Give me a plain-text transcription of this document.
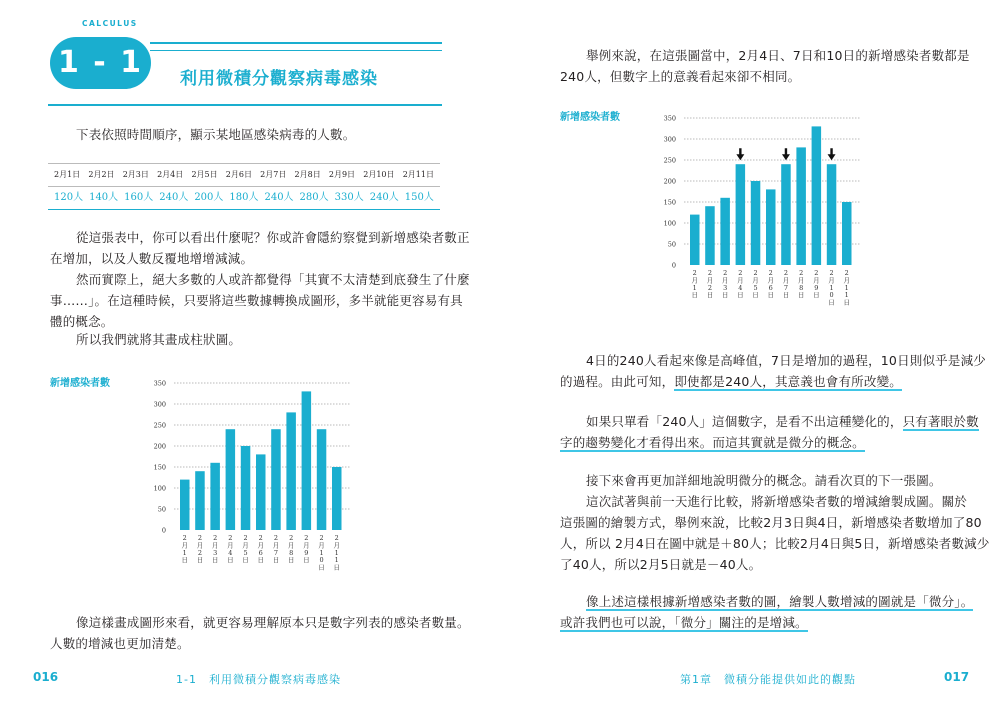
CALCULUS
1 - 1	利用微積分觀察病毒感染
下表依照時間順序，顯示某地區感染病毒的人數。
2月1日 2月2日 2月3日 2月4日 2月5日 2月6日 2月7日 2月8日 2月9日 2月10日 2月11日
120人 140人 160人 240人 200人 180人 240人 280人 330人 240人 150人
從這張表中，你可以看出什麼呢？你或許會隱約察覺到新增感染者數正
在增加，以及人數反覆地增增減減。
然而實際上，絕大多數的人或許都覺得「其實不太清楚到底發生了什麼
事……」。在這種時候，只要將這些數據轉換成圖形，多半就能更容易有具
體的概念。
所以我們就將其畫成柱狀圖。
新增感染者數
0
50
100
150
200
250
300
350
2 月 1 日
2 月 2 日
2 月 3 日
2 月 4 日
2 月 5 日
2 月 6 日
2 月 7 日
2 月 8 日
2 月 9 日
2 月 1 0 日
2 月 1 1 日
像這樣畫成圖形來看，就更容易理解原本只是數字列表的感染者數量。
人數的增減也更加清楚。
016	1-1　利用微積分觀察病毒感染
舉例來說，在這張圖當中，2月4日、7日和10日的新增感染者數都是
240人，但數字上的意義看起來卻不相同。
新增感染者數
0
50
100
150
200
250
300
350
2 月 1 日
2 月 2 日
2 月 3 日
2 月 4 日
2 月 5 日
2 月 6 日
2 月 7 日
2 月 8 日
2 月 9 日
2 月 1 0 日
2 月 1 1 日
4日的240人看起來像是高峰值，7日是增加的過程，10日則似乎是減少
的過程。由此可知，即使都是240人，其意義也會有所改變。
如果只單看「240人」這個數字，是看不出這種變化的，只有著眼於數
字的趨勢變化才看得出來。而這其實就是微分的概念。
接下來會再更加詳細地說明微分的概念。請看次頁的下一張圖。
這次試著與前一天進行比較，將新增感染者數的增減繪製成圖。關於
這張圖的繪製方式，舉例來說，比較2月3日與4日，新增感染者數增加了80
人，所以 2月4日在圖中就是＋80人；比較2月4日與5日，新增感染者數減少
了40人，所以2月5日就是－40人。
像上述這樣根據新增感染者數的圖，繪製人數增減的圖就是「微分」。
或許我們也可以說，「微分」關注的是增減。
第1章　微積分能提供如此的觀點	017
